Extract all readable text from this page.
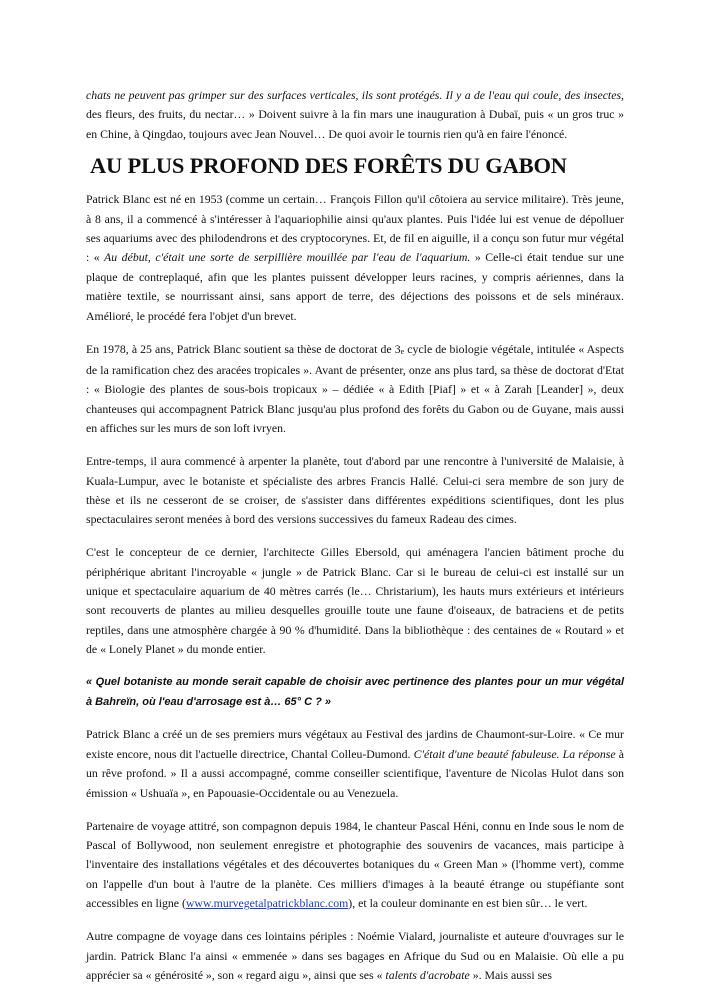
chats ne peuvent pas grimper sur des surfaces verticales, ils sont protégés. Il y a de l'eau qui coule, des insectes, des fleurs, des fruits, du nectar… » Doivent suivre à la fin mars une inauguration à Dubaï, puis « un gros truc » en Chine, à Qingdao, toujours avec Jean Nouvel… De quoi avoir le tournis rien qu'à en faire l'énoncé.

AU PLUS PROFOND DES FORÊTS DU GABON

Patrick Blanc est né en 1953 (comme un certain… François Fillon qu'il côtoiera au service militaire). Très jeune, à 8 ans, il a commencé à s'intéresser à l'aquariophilie ainsi qu'aux plantes. Puis l'idée lui est venue de dépolluer ses aquariums avec des philodendrons et des cryptocorynes. Et, de fil en aiguille, il a conçu son futur mur végétal : « Au début, c'était une sorte de serpillière mouillée par l'eau de l'aquarium. » Celle-ci était tendue sur une plaque de contreplaqué, afin que les plantes puissent développer leurs racines, y compris aériennes, dans la matière textile, se nourrissant ainsi, sans apport de terre, des déjections des poissons et de sels minéraux. Amélioré, le procédé fera l'objet d'un brevet.

En 1978, à 25 ans, Patrick Blanc soutient sa thèse de doctorat de $3_e$ cycle de biologie végétale, intitulée « Aspects de la ramification chez des aracées tropicales ». Avant de présenter, onze ans plus tard, sa thèse de doctorat d'Etat : « Biologie des plantes de sous-bois tropicaux » – dédiée « à Edith [Piaf] » et « à Zarah [Leander] », deux chanteuses qui accompagnent Patrick Blanc jusqu'au plus profond des forêts du Gabon ou de Guyane, mais aussi en affiches sur les murs de son loft ivryen.

Entre-temps, il aura commencé à arpenter la planète, tout d'abord par une rencontre à l'université de Malaisie, à Kuala-Lumpur, avec le botaniste et spécialiste des arbres Francis Hallé. Celui-ci sera membre de son jury de thèse et ils ne cesseront de se croiser, de s'assister dans différentes expéditions scientifiques, dont les plus spectaculaires seront menées à bord des versions successives du fameux Radeau des cimes.

C'est le concepteur de ce dernier, l'architecte Gilles Ebersold, qui aménagera l'ancien bâtiment proche du périphérique abritant l'incroyable « jungle » de Patrick Blanc. Car si le bureau de celui-ci est installé sur un unique et spectaculaire aquarium de 40 mètres carrés (le… Christarium), les hauts murs extérieurs et intérieurs sont recouverts de plantes au milieu desquelles grouille toute une faune d'oiseaux, de batraciens et de petits reptiles, dans une atmosphère chargée à 90 % d'humidité. Dans la bibliothèque : des centaines de « Routard » et de « Lonely Planet » du monde entier.

« Quel botaniste au monde serait capable de choisir avec pertinence des plantes pour un mur végétal à Bahreïn, où l'eau d'arrosage est à… 65° C ? »

Patrick Blanc a créé un de ses premiers murs végétaux au Festival des jardins de Chaumont-sur-Loire. « Ce mur existe encore, nous dit l'actuelle directrice, Chantal Colleu-Dumond. C'était d'une beauté fabuleuse. La réponse à un rêve profond. » Il a aussi accompagné, comme conseiller scientifique, l'aventure de Nicolas Hulot dans son émission « Ushuaïa », en Papouasie-Occidentale ou au Venezuela.

Partenaire de voyage attitré, son compagnon depuis 1984, le chanteur Pascal Héni, connu en Inde sous le nom de Pascal of Bollywood, non seulement enregistre et photographie des souvenirs de vacances, mais participe à l'inventaire des installations végétales et des découvertes botaniques du « Green Man » (l'homme vert), comme on l'appelle d'un bout à l'autre de la planète. Ces milliers d'images à la beauté étrange ou stupéfiante sont accessibles en ligne (www.murvegetalpatrickblanc.com), et la couleur dominante en est bien sûr… le vert.

Autre compagne de voyage dans ces lointains périples : Noémie Vialard, journaliste et auteure d'ouvrages sur le jardin. Patrick Blanc l'a ainsi « emmenée » dans ses bagages en Afrique du Sud ou en Malaisie. Où elle a pu apprécier sa « générosité », son « regard aigu », ainsi que ses « talents d'acrobate ». Mais aussi ses
